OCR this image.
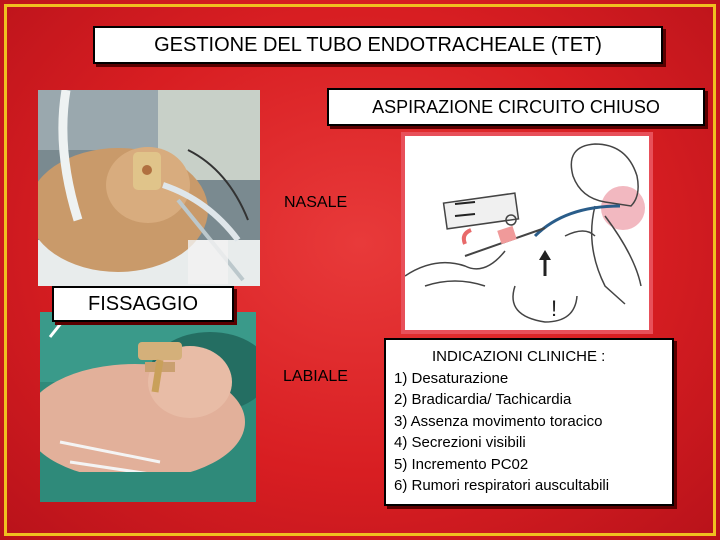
GESTIONE DEL TUBO ENDOTRACHEALE (TET)
FISSAGGIO
NASALE
LABIALE
ASPIRAZIONE CIRCUITO CHIUSO
!
INDICAZIONI CLINICHE :
1) Desaturazione
2) Bradicardia/ Tachicardia
3) Assenza movimento toracico
4) Secrezioni visibili
5) Incremento PC02
6) Rumori respiratori auscultabili
